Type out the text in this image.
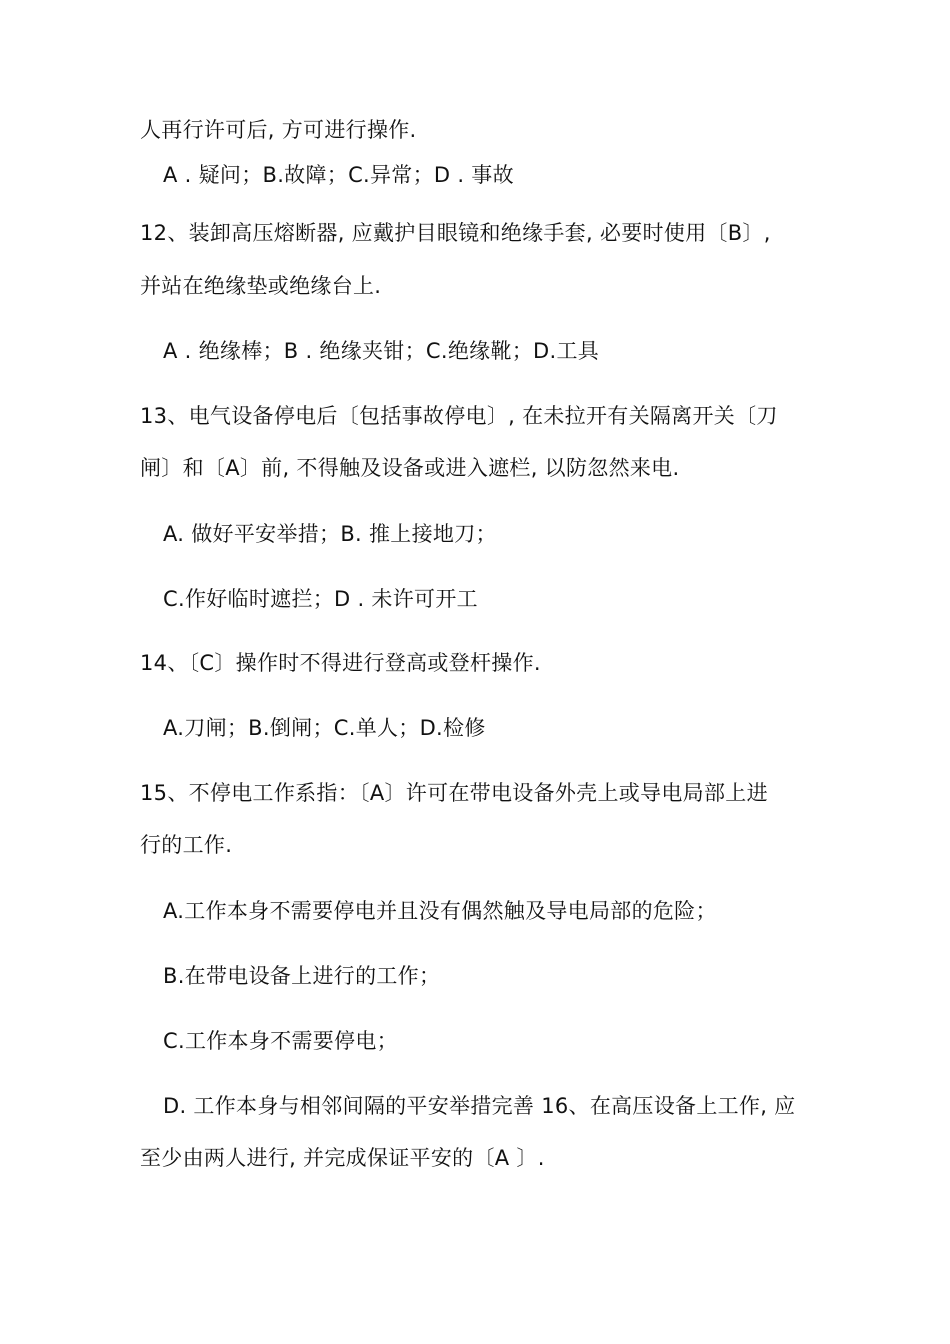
人再行许可后, 方可进行操作.
A . 疑问；B.故障；C.异常；D . 事故
12、装卸高压熔断器, 应戴护目眼镜和绝缘手套, 必要时使用〔B〕,
并站在绝缘垫或绝缘台上.
A . 绝缘棒；B . 绝缘夹钳；C.绝缘靴；D.工具
13、电气设备停电后〔包括事故停电〕, 在未拉开有关隔离开关〔刀
闸〕和〔A〕前, 不得触及设备或进入遮栏, 以防忽然来电.
A. 做好平安举措；B. 推上接地刀；
C.作好临时遮拦；D . 未许可开工
14、〔C〕操作时不得进行登高或登杆操作.
A.刀闸；B.倒闸；C.单人；D.检修
15、不停电工作系指：〔A〕许可在带电设备外壳上或导电局部上进
行的工作.
A.工作本身不需要停电并且没有偶然触及导电局部的危险；
B.在带电设备上进行的工作；
C.工作本身不需要停电；
D. 工作本身与相邻间隔的平安举措完善 16、在高压设备上工作, 应
至少由两人进行, 并完成保证平安的〔A 〕.
